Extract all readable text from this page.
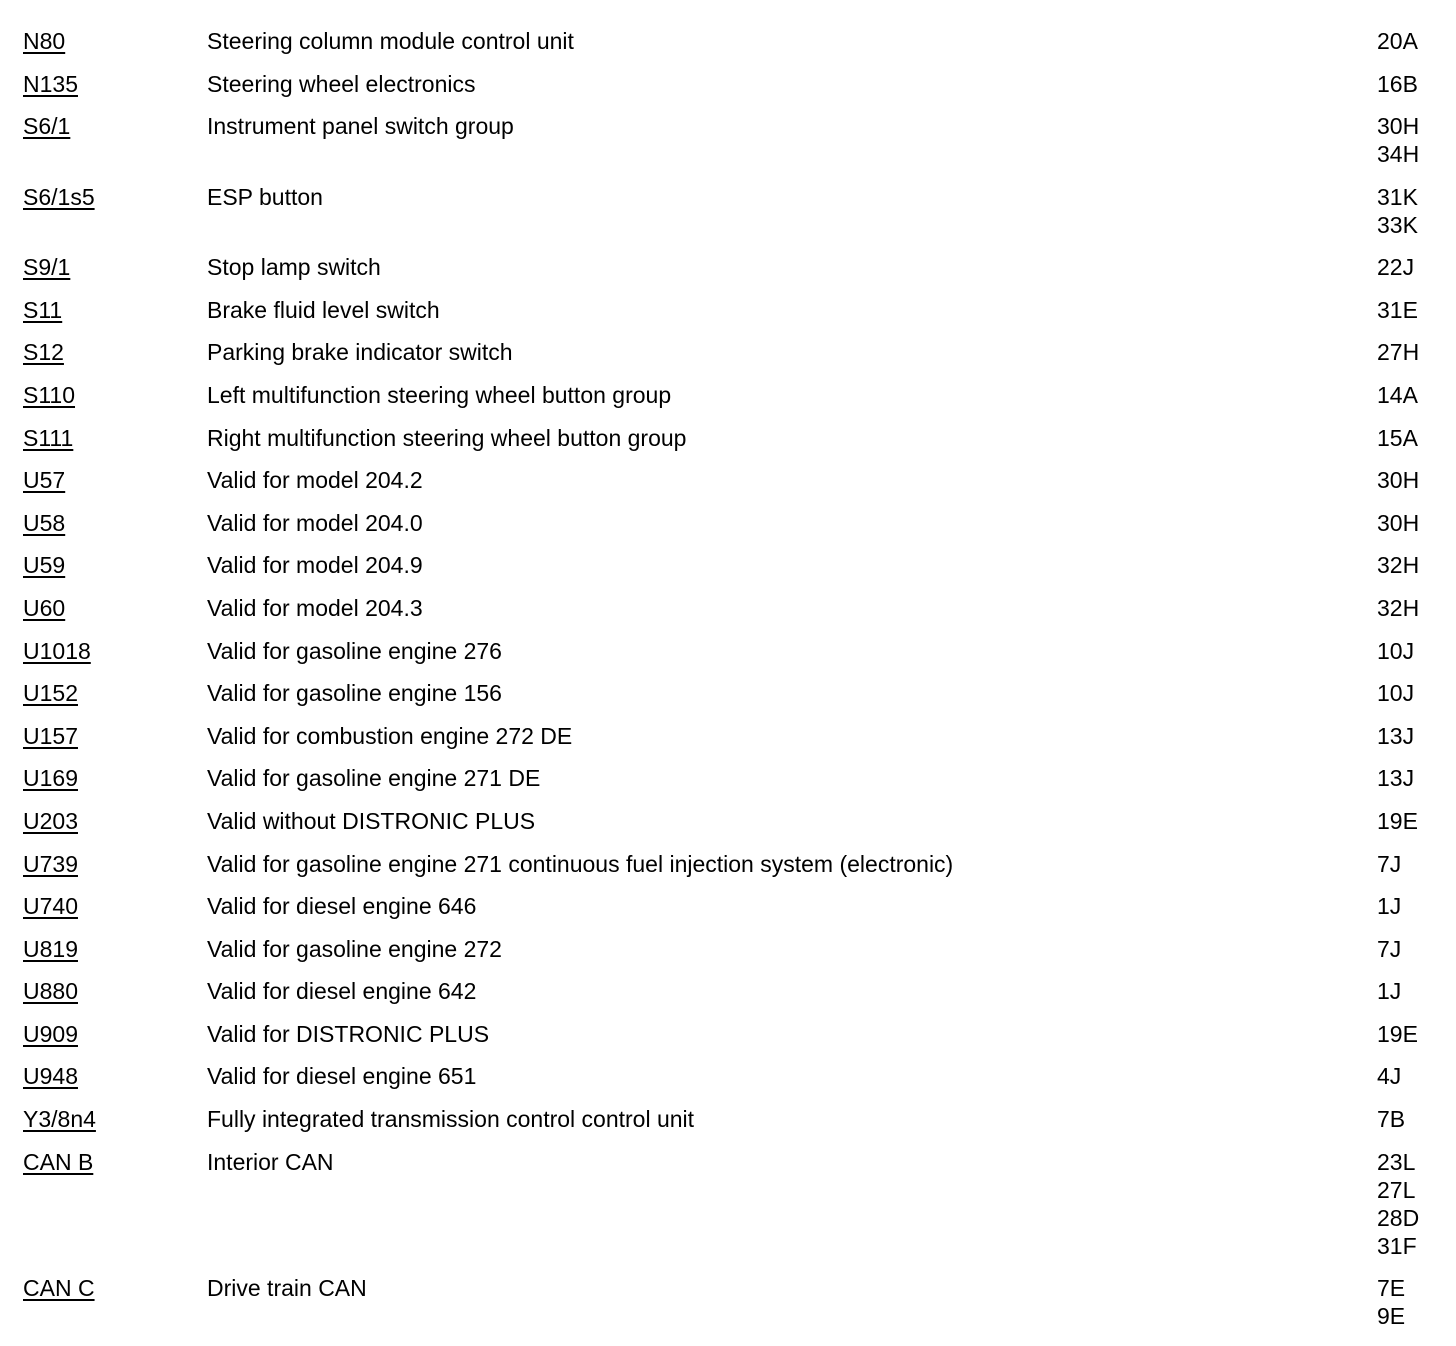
N80	Steering column module control unit	20A
N135	Steering wheel electronics	16B
S6/1	Instrument panel switch group	30H
34H
S6/1s5	ESP button	31K
33K
S9/1	Stop lamp switch	22J
S11	Brake fluid level switch	31E
S12	Parking brake indicator switch	27H
S110	Left multifunction steering wheel button group	14A
S111	Right multifunction steering wheel button group	15A
U57	Valid for model 204.2	30H
U58	Valid for model 204.0	30H
U59	Valid for model 204.9	32H
U60	Valid for model 204.3	32H
U1018	Valid for gasoline engine 276	10J
U152	Valid for gasoline engine 156	10J
U157	Valid for combustion engine 272 DE	13J
U169	Valid for gasoline engine 271 DE	13J
U203	Valid without DISTRONIC PLUS	19E
U739	Valid for gasoline engine 271 continuous fuel injection system (electronic)	7J
U740	Valid for diesel engine 646	1J
U819	Valid for gasoline engine 272	7J
U880	Valid for diesel engine 642	1J
U909	Valid for DISTRONIC PLUS	19E
U948	Valid for diesel engine 651	4J
Y3/8n4	Fully integrated transmission control control unit	7B
CAN B	Interior CAN	23L
27L
28D
31F
CAN C	Drive train CAN	7E
9E
